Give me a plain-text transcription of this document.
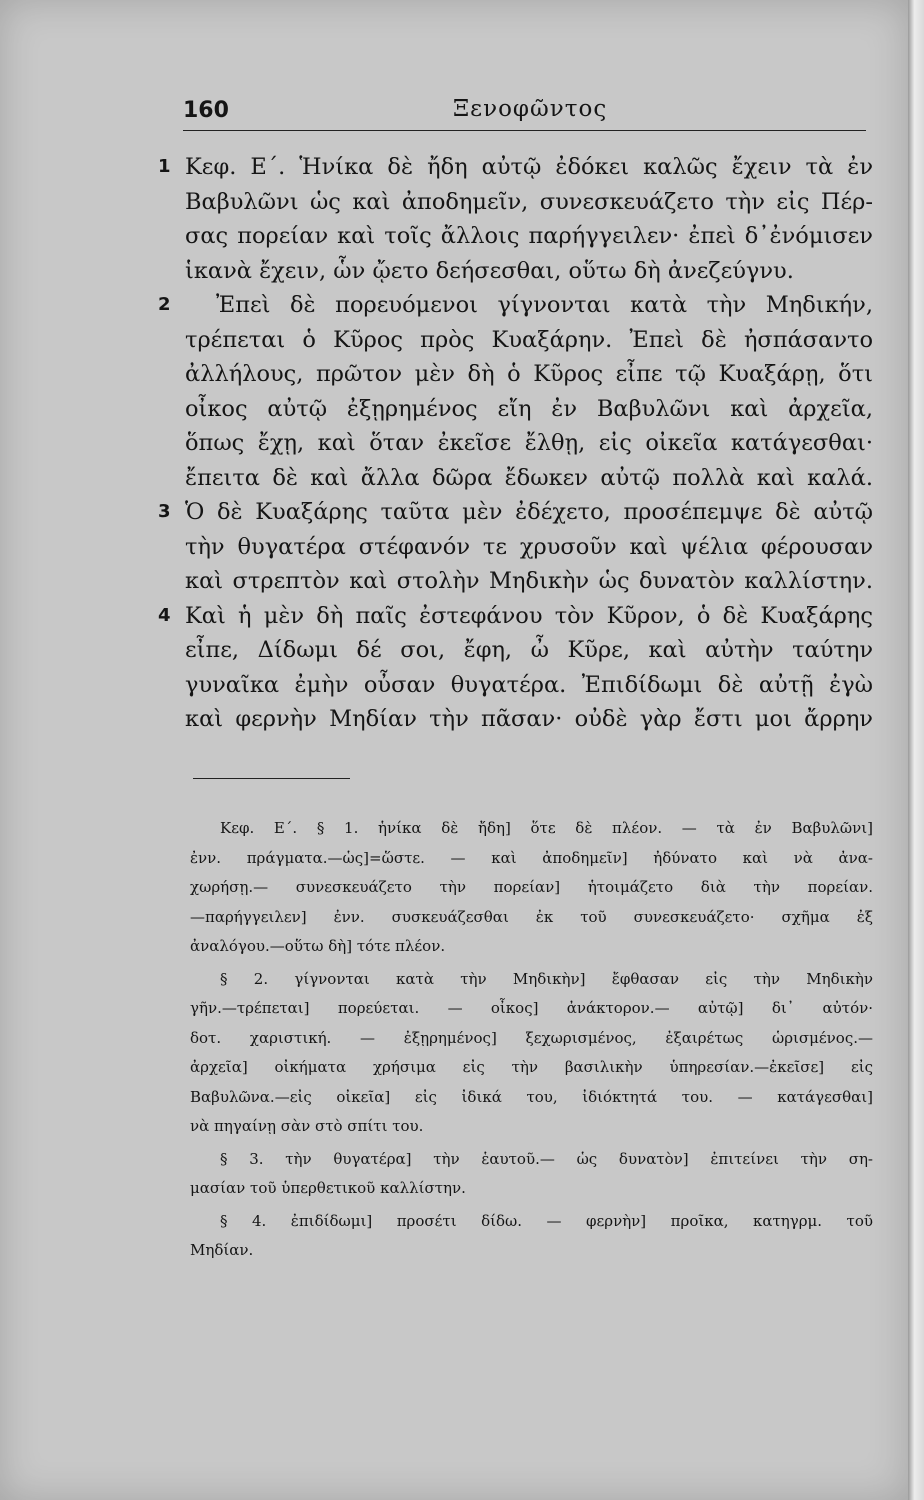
160	Ξενοφῶντος
1 Κεφ. Ε΄. Ἡνίκα δὲ ἤδη αὐτῷ ἐδόκει καλῶς ἔχειν τὰ ἐν
Βαβυλῶνι ὡς καὶ ἀποδημεῖν, συνεσκευάζετο τὴν εἰς Πέρ-
σας πορείαν καὶ τοῖς ἄλλοις παρήγγειλεν· ἐπεὶ δ᾽ἐνόμισεν
ἱκανὰ ἔχειν, ὧν ᾤετο δεήσεσθαι, οὕτω δὴ ἀνεζεύγνυ.
2	Ἐπεὶ δὲ πορευόμενοι γίγνονται κατὰ τὴν Μηδικήν,
τρέπεται ὁ Κῦρος πρὸς Κυαξάρην. Ἐπεὶ δὲ ἠσπάσαντο
ἀλλήλους, πρῶτον μὲν δὴ ὁ Κῦρος εἶπε τῷ Κυαξάρῃ, ὅτι
οἶκος αὐτῷ ἐξῃρημένος εἴη ἐν Βαβυλῶνι καὶ ἀρχεῖα,
ὅπως ἔχῃ, καὶ ὅταν ἐκεῖσε ἔλθῃ, εἰς οἰκεῖα κατάγεσθαι·
ἔπειτα δὲ καὶ ἄλλα δῶρα ἔδωκεν αὐτῷ πολλὰ καὶ καλά.
3 Ὁ δὲ Κυαξάρης ταῦτα μὲν ἐδέχετο, προσέπεμψε δὲ αὐτῷ
τὴν θυγατέρα στέφανόν τε χρυσοῦν καὶ ψέλια φέρουσαν
καὶ στρεπτὸν καὶ στολὴν Μηδικὴν ὡς δυνατὸν καλλίστην.
4 Καὶ ἡ μὲν δὴ παῖς ἐστεφάνου τὸν Κῦρον, ὁ δὲ Κυαξάρης
εἶπε, Δίδωμι δέ σοι, ἔφη, ὦ Κῦρε, καὶ αὐτὴν ταύτην
γυναῖκα ἐμὴν οὖσαν θυγατέρα. Ἐπιδίδωμι δὲ αὐτῇ ἐγὼ
καὶ φερνὴν Μηδίαν τὴν πᾶσαν· οὐδὲ γὰρ ἔστι μοι ἄρρην
Κεφ. Ε΄. § 1. ἡνίκα δὲ ἤδη] ὅτε δὲ πλέον. — τὰ ἐν Βαβυλῶνι]
ἐνν. πράγματα.—ὡς]=ὥστε. — καὶ ἀποδημεῖν] ἠδύνατο καὶ νὰ ἀνα-
χωρήσῃ.— συνεσκευάζετο τὴν πορείαν] ἡτοιμάζετο διὰ τὴν πορείαν.
—παρήγγειλεν] ἐνν. συσκευάζεσθαι ἐκ τοῦ συνεσκευάζετο· σχῆμα ἐξ
ἀναλόγου.—οὕτω δὴ] τότε πλέον.
§ 2. γίγνονται κατὰ τὴν Μηδικὴν] ἔφθασαν εἰς τὴν Μηδικὴν
γῆν.—τρέπεται] πορεύεται. — οἶκος] ἀνάκτορον.— αὐτῷ] δι᾽ αὐτόν·
δοτ. χαριστική. — ἐξῃρημένος] ξεχωρισμένος, ἐξαιρέτως ὡρισμένος.—
ἀρχεῖα] οἰκήματα χρήσιμα εἰς τὴν βασιλικὴν ὑπηρεσίαν.—ἐκεῖσε] εἰς
Βαβυλῶνα.—εἰς οἰκεῖα] εἰς ἰδικά του, ἰδιόκτητά του. — κατάγεσθαι]
νὰ πηγαίνῃ σὰν στὸ σπίτι του.
§ 3. τὴν θυγατέρα] τὴν ἑαυτοῦ.— ὡς δυνατὸν] ἐπιτείνει τὴν ση-
μασίαν τοῦ ὑπερθετικοῦ καλλίστην.
§ 4. ἐπιδίδωμι] προσέτι δίδω. — φερνὴν] προῖκα, κατηγρμ. τοῦ
Μηδίαν.
